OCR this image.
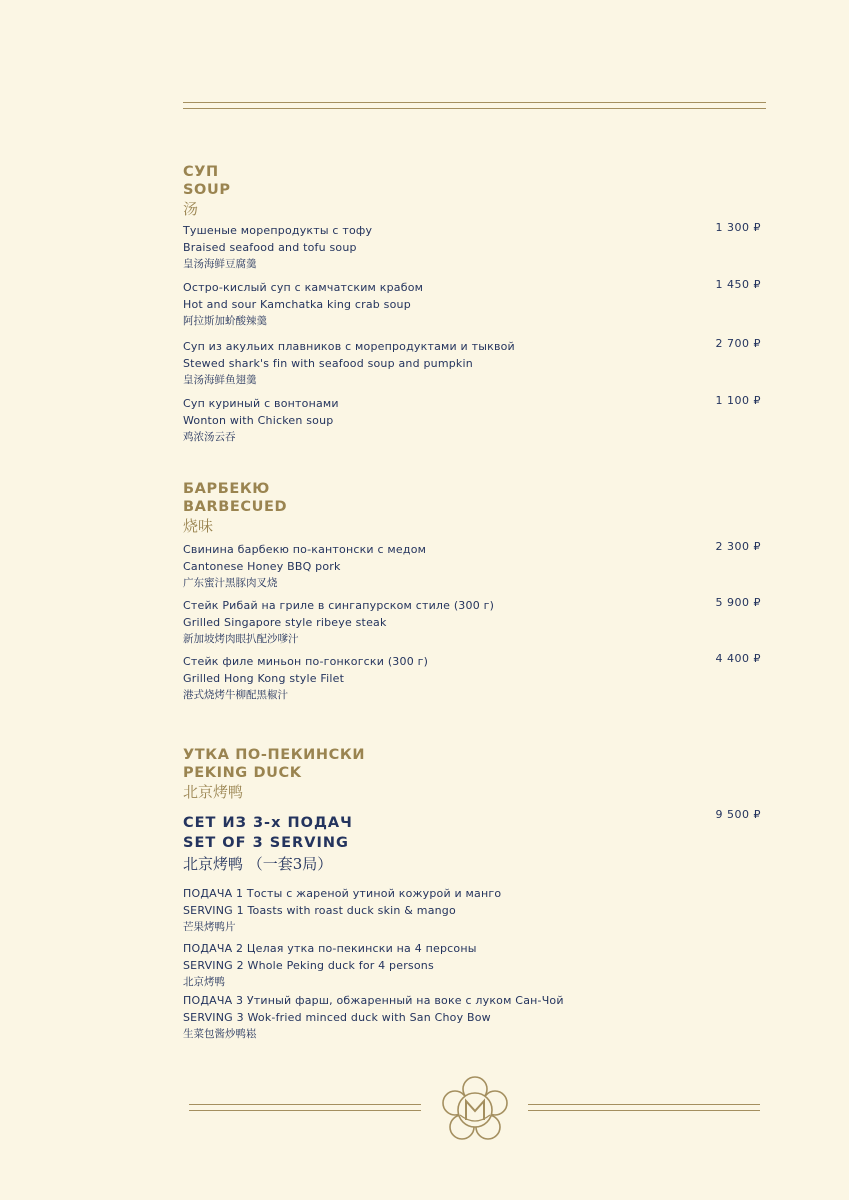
СУП
SOUP
汤
Тушеные морепродукты с тофу
Braised seafood and tofu soup
皇汤海鲜豆腐羹
1 300 ₽
Остро-кислый суп с камчатским крабом
Hot and sour Kamchatka king crab soup
阿拉斯加蚧酸辣羹
1 450 ₽
Суп из акульих плавников с морепродуктами и тыквой
Stewed shark's fin with seafood soup and pumpkin
皇汤海鲜鱼翅羹
2 700 ₽
Суп куриный с вонтонами
Wonton with Chicken soup
鸡浓汤云吞
1 100 ₽
БАРБЕКЮ
BARBECUED
烧味
Свинина барбекю по-кантонски с медом
Cantonese Honey BBQ pork
广东蜜汁黑豚肉叉烧
2 300 ₽
Стейк Рибай на гриле в сингапурском стиле (300 г)
Grilled Singapore style ribeye steak
新加坡烤肉眼扒配沙嗲汁
5 900 ₽
Стейк филе миньон по-гонкогски (300 г)
Grilled Hong Kong style Filet
港式烧烤牛柳配黑椒汁
4 400 ₽
УТКА ПО-ПЕКИНСКИ
PEKING DUCK
北京烤鸭
СЕТ ИЗ 3-х ПОДАЧ
SET OF 3 SERVING
北京烤鸭 （一套3局）
9 500 ₽
ПОДАЧА 1 Тосты с жареной утиной кожурой и манго
SERVING 1 Toasts with roast duck skin & mango
芒果烤鸭片
ПОДАЧА 2 Целая утка по-пекински на 4 персоны
SERVING 2 Whole Peking duck for 4 persons
北京烤鸭
ПОДАЧА 3 Утиный фарш, обжаренный на воке с луком Сан-Чой
SERVING 3 Wok-fried minced duck with San Choy Bow
生菜包酱炒鸭崧
